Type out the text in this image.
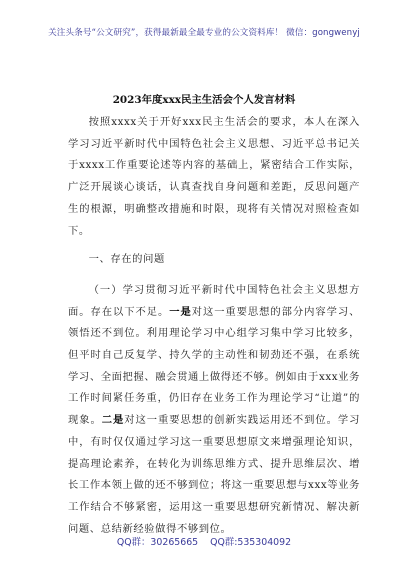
关注头条号“公文研究”，获得最新最全最专业的公文资料库！ 微信：gongwenyj
2023年度xxx民主生活会个人发言材料

按照xxxx关于开好xxx民主生活会的要求，本人在深入学习习近平新时代中国特色社会主义思想、习近平总书记关于xxxx工作重要论述等内容的基础上，紧密结合工作实际，广泛开展谈心谈话，认真查找自身问题和差距，反思问题产生的根源，明确整改措施和时限，现将有关情况对照检查如下。

一、存在的问题

（一）学习贯彻习近平新时代中国特色社会主义思想方面。存在以下不足。一是对这一重要思想的部分内容学习、领悟还不到位。利用理论学习中心组学习集中学习比较多，但平时自己反复学、持久学的主动性和韧劲还不强，在系统学习、全面把握、融会贯通上做得还不够。例如由于xxx业务工作时间紧任务重，仍旧存在业务工作为理论学习“让道”的现象。二是对这一重要思想的创新实践运用还不到位。学习中，有时仅仅通过学习这一重要思想原文来增强理论知识，提高理论素养，在转化为训练思维方式、提升思维层次、增长工作本领上做的还不够到位；将这一重要思想与xxx等业务工作结合不够紧密，运用这一重要思想研究新情况、解决新问题、总结新经验做得不够到位。

QQ群：30265665 QQ群:535304092
